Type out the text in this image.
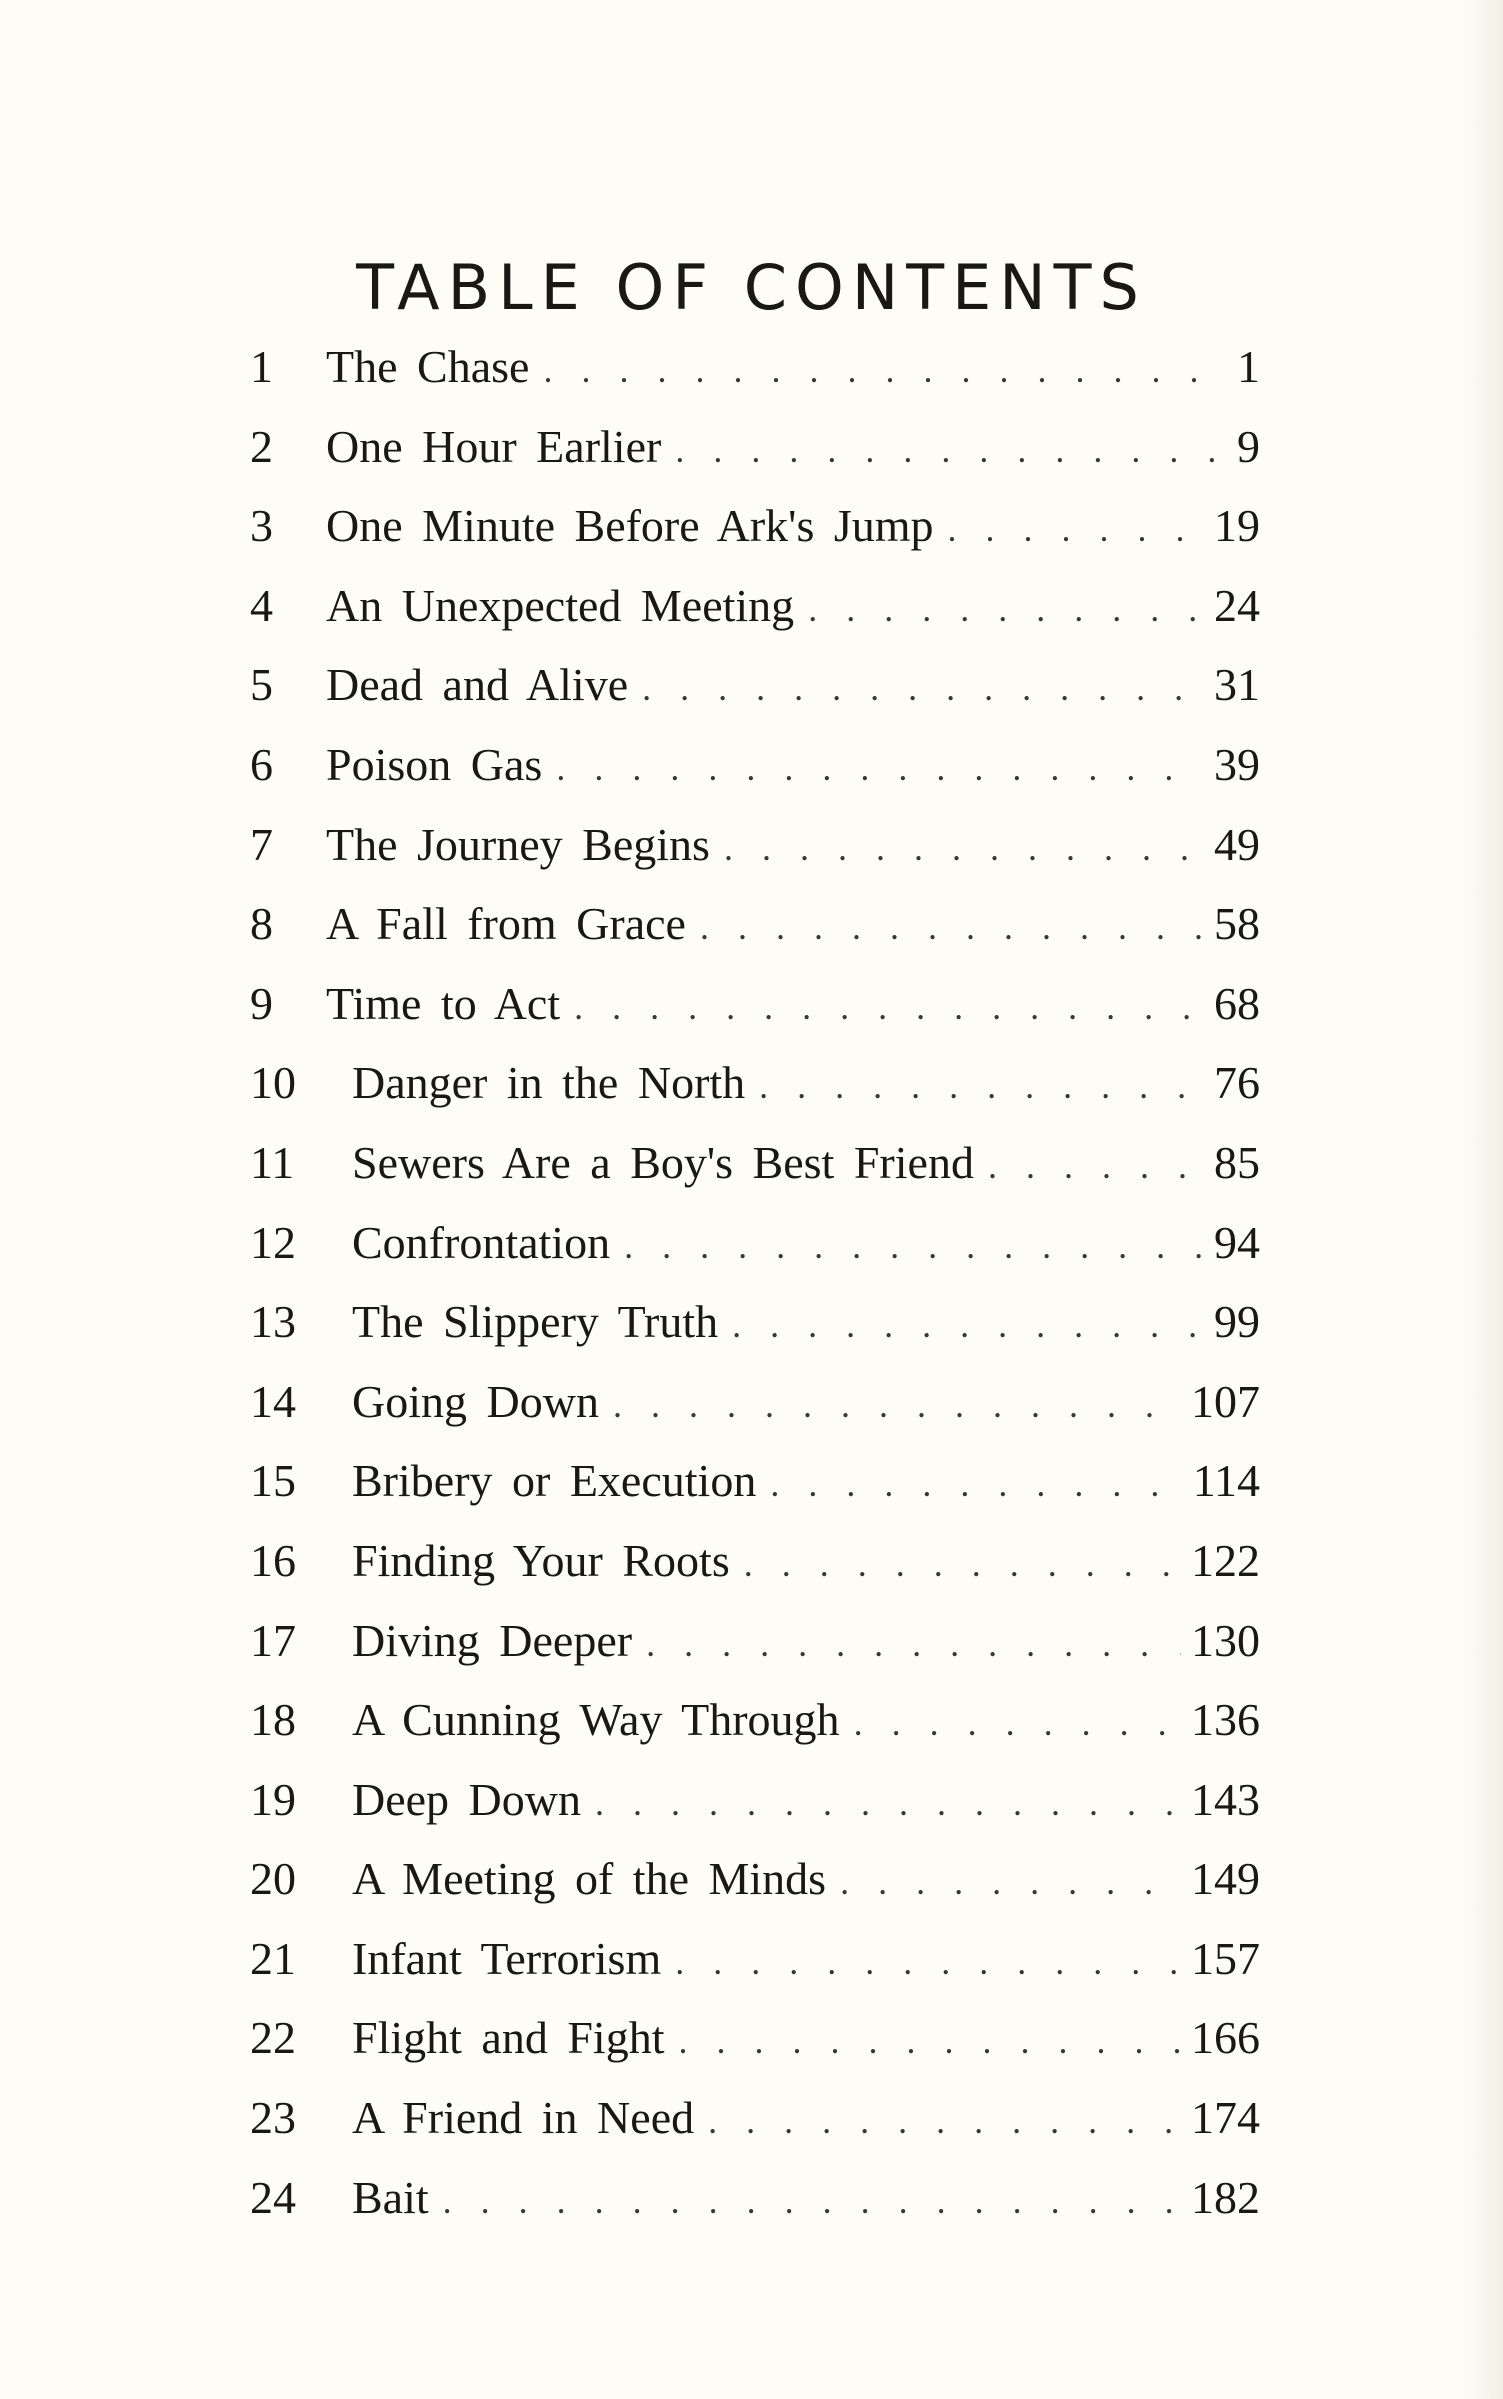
TABLE OF CONTENTS
1	The Chase . . .	1
2	One Hour Earlier . . .	9
3	One Minute Before Ark's Jump . . .	19
4	An Unexpected Meeting . . .	24
5	Dead and Alive . . .	31
6	Poison Gas . . .	39
7	The Journey Begins . . .	49
8	A Fall from Grace . . .	58
9	Time to Act . . .	68
10	Danger in the North . . .	76
11	Sewers Are a Boy's Best Friend . . .	85
12	Confrontation . . .	94
13	The Slippery Truth . . .	99
14	Going Down . . .	107
15	Bribery or Execution . . .	114
16	Finding Your Roots . . .	122
17	Diving Deeper . . .	130
18	A Cunning Way Through . . .	136
19	Deep Down . . .	143
20	A Meeting of the Minds . . .	149
21	Infant Terrorism . . .	157
22	Flight and Fight . . .	166
23	A Friend in Need . . .	174
24	Bait . . .	182
